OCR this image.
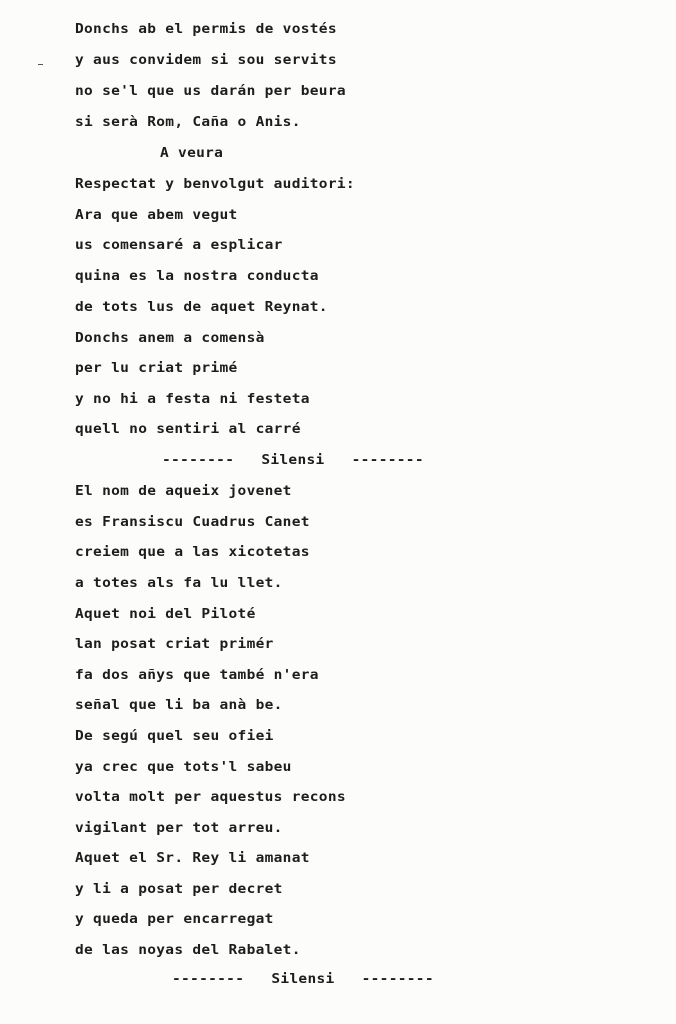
Donchs ab el permis de vostés
y aus convidem si sou servits
no se'l que us darán per beura
si serà Rom, Caña o Anis.
A veura
Respectat y benvolgut auditori:
Ara que abem vegut
us comensaré a esplicar
quina es la nostra conducta
de tots lus de aquet Reynat.
Donchs anem a comensà
per lu criat primé
y no hi a festa ni festeta
quell no sentiri al carré
--------   Silensi   --------
El nom de aqueix jovenet
es Fransiscu Cuadrus Canet
creiem que a las xicotetas
a totes als fa lu llet.
Aquet noi del Piloté
lan posat criat primér
fa dos añys que també n'era
señal que li ba anà be.
De segú quel seu ofiei
ya crec que tots'l sabeu
volta molt per aquestus recons
vigilant per tot arreu.
Aquet el Sr. Rey li amanat
y li a posat per decret
y queda per encarregat
de las noyas del Rabalet.
--------   Silensi   --------
